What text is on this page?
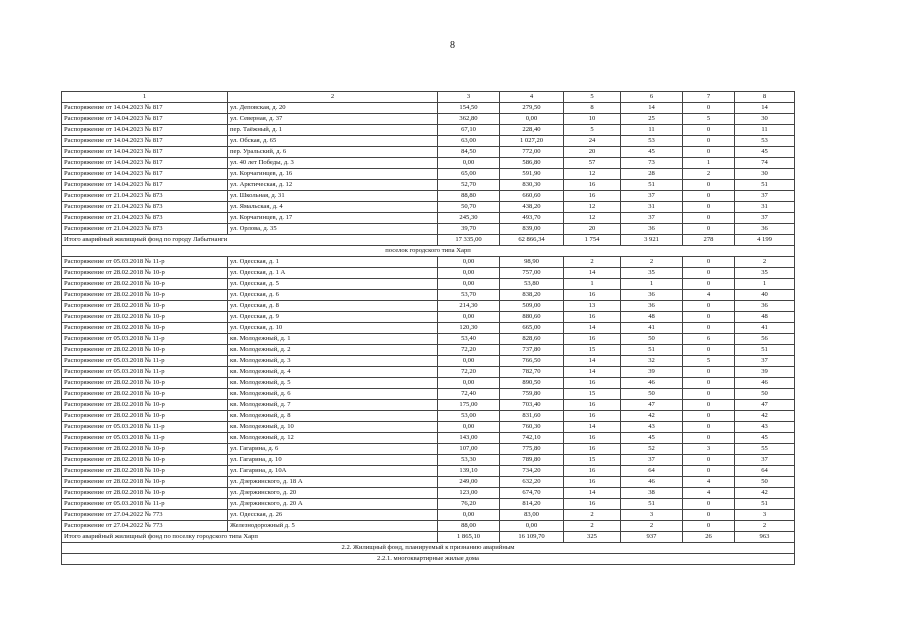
8
1	2	3	4	5	6	7	8
Распоряжение от 14.04.2023 № 817	ул. Деповская, д. 20	154,50	279,50	8	14	0	14
Распоряжение от 14.04.2023 № 817	ул. Северная, д. 37	362,80	0,00	10	25	5	30
Распоряжение от 14.04.2023 № 817	пер. Таёжный, д. 1	67,10	228,40	5	11	0	11
Распоряжение от 14.04.2023 № 817	ул. Обская, д. 65	63,00	1 027,20	24	53	0	53
Распоряжение от 14.04.2023 № 817	пер. Уральский, д. 6	84,50	772,00	20	45	0	45
Распоряжение от 14.04.2023 № 817	ул. 40 лет Победы, д. 3	0,00	586,80	57	73	1	74
Распоряжение от 14.04.2023 № 817	ул. Корчагинцев, д. 16	65,00	591,90	12	28	2	30
Распоряжение от 14.04.2023 № 817	ул. Арктическая, д. 12	52,70	830,30	16	51	0	51
Распоряжение от 21.04.2023 № 873	ул. Школьная, д. 31	88,80	660,60	16	37	0	37
Распоряжение от 21.04.2023 № 873	ул. Ямальская, д. 4	50,70	438,20	12	31	0	31
Распоряжение от 21.04.2023 № 873	ул. Корчагинцев, д. 17	245,30	493,70	12	37	0	37
Распоряжение от 21.04.2023 № 873	ул. Орлова, д. 35	39,70	839,00	20	36	0	36
Итого аварийный жилищный фонд по городу Лабытнанги		17 335,00	62 866,34	1 754	3 921	278	4 199
поселок городского типа Харп							
Распоряжение от 05.03.2018 № 11-р	ул. Одесская, д. 1	0,00	98,90	2	2	0	2
Распоряжение от 28.02.2018 № 10-р	ул. Одесская, д. 1 А	0,00	757,00	14	35	0	35
Распоряжение от 28.02.2018 № 10-р	ул. Одесская, д. 5	0,00	53,80	1	1	0	1
Распоряжение от 28.02.2018 № 10-р	ул. Одесская, д. 6	53,70	838,20	16	36	4	40
Распоряжение от 28.02.2018 № 10-р	ул. Одесская, д. 8	214,30	509,00	13	36	0	36
Распоряжение от 28.02.2018 № 10-р	ул. Одесская, д. 9	0,00	880,60	16	48	0	48
Распоряжение от 28.02.2018 № 10-р	ул. Одесская, д. 10	120,30	665,00	14	41	0	41
Распоряжение от 05.03.2018 № 11-р	кв. Молодежный, д. 1	53,40	828,60	16	50	6	56
Распоряжение от 28.02.2018 № 10-р	кв. Молодежный, д. 2	72,20	737,80	15	51	0	51
Распоряжение от 05.03.2018 № 11-р	кв. Молодежный, д. 3	0,00	766,50	14	32	5	37
Распоряжение от 05.03.2018 № 11-р	кв. Молодежный, д. 4	72,20	782,70	14	39	0	39
Распоряжение от 28.02.2018 № 10-р	кв. Молодежный, д. 5	0,00	890,50	16	46	0	46
Распоряжение от 28.02.2018 № 10-р	кв. Молодежный, д. 6	72,40	759,80	15	50	0	50
Распоряжение от 28.02.2018 № 10-р	кв. Молодежный, д. 7	175,00	703,40	16	47	0	47
Распоряжение от 28.02.2018 № 10-р	кв. Молодежный, д. 8	53,00	831,60	16	42	0	42
Распоряжение от 05.03.2018 № 11-р	кв. Молодежный, д. 10	0,00	760,30	14	43	0	43
Распоряжение от 05.03.2018 № 11-р	кв. Молодежный, д. 12	143,00	742,10	16	45	0	45
Распоряжение от 28.02.2018 № 10-р	ул. Гагарина, д. 6	107,00	775,80	16	52	3	55
Распоряжение от 28.02.2018 № 10-р	ул. Гагарина, д. 10	53,30	789,80	15	37	0	37
Распоряжение от 28.02.2018 № 10-р	ул. Гагарина, д. 10А	139,10	734,20	16	64	0	64
Распоряжение от 28.02.2018 № 10-р	ул. Дзержинского, д. 18 А	249,00	632,20	16	46	4	50
Распоряжение от 28.02.2018 № 10-р	ул. Дзержинского, д. 20	123,00	674,70	14	38	4	42
Распоряжение от 05.03.2018 № 11-р	ул. Дзержинского, д. 20 А	76,20	814,20	16	51	0	51
Распоряжение от 27.04.2022 № 773	ул. Одесская, д. 26	0,00	83,00	2	3	0	3
Распоряжение от 27.04.2022 № 773	Железнодорожный д. 5	88,00	0,00	2	2	0	2
Итого аварийный жилищный фонд по поселку городского типа Харп		1 865,10	16 109,70	325	937	26	963
2.2. Жилищный фонд, планируемый к признанию аварийным							
2.2.1. многоквартирные жилые дома							
